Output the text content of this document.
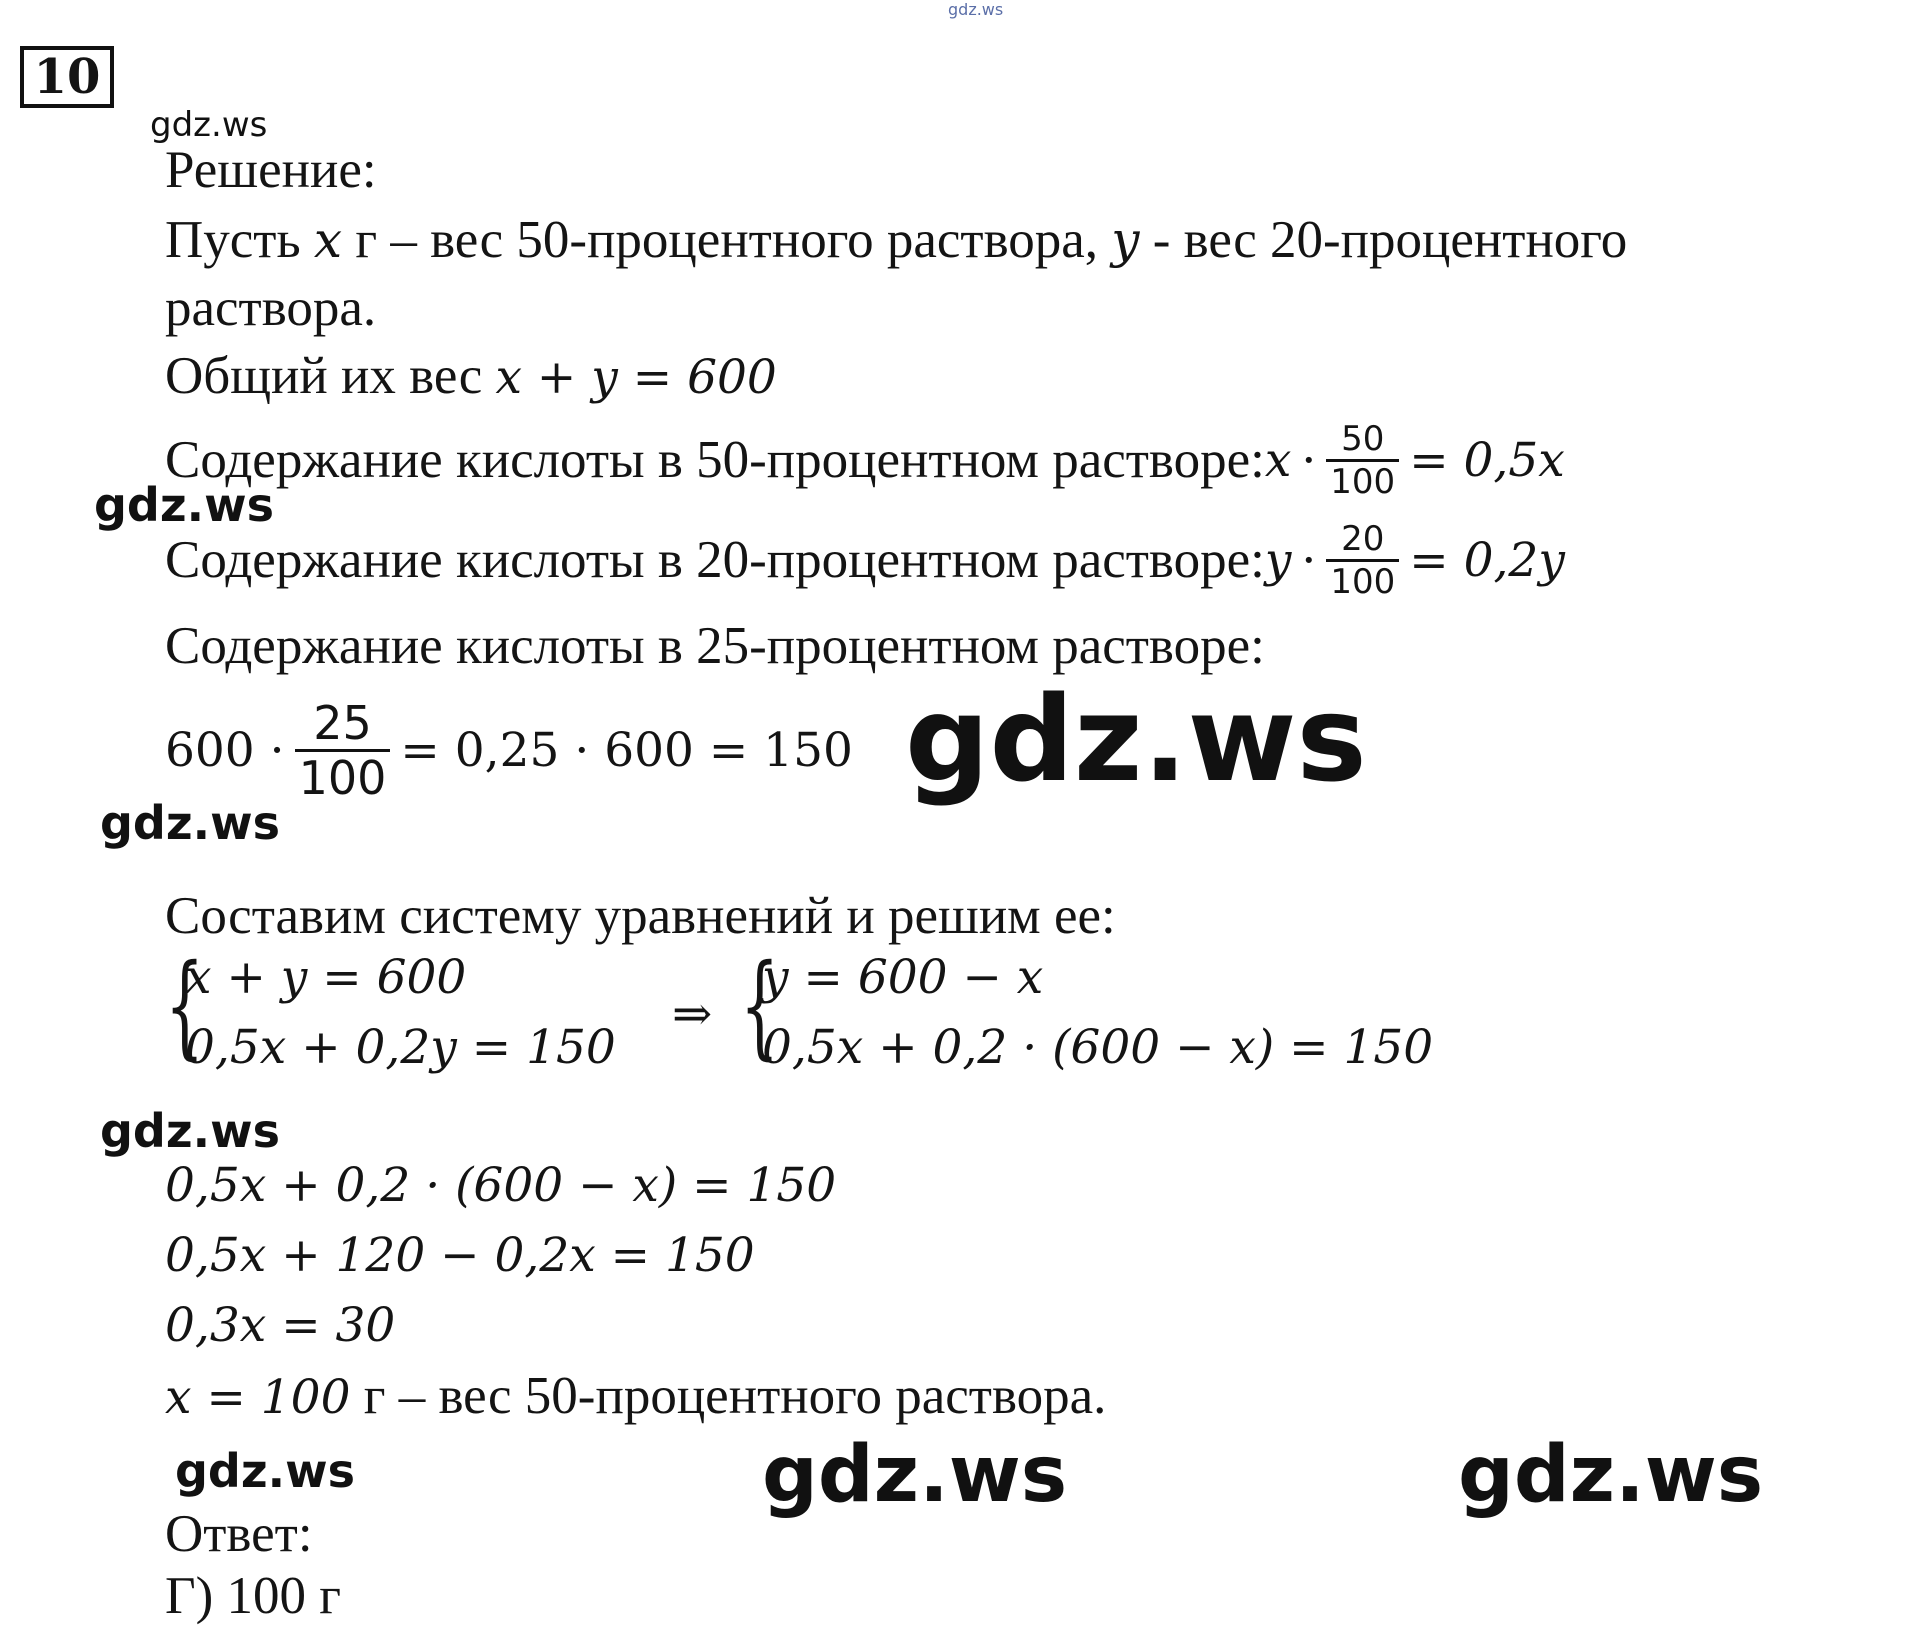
gdz.ws
10
gdz.ws
Решение:
Пусть x г – вес 50-процентного раствора, y - вес 20-процентного
раствора.
Общий их вес x + y = 600
Содержание кислоты в 50-процентном растворе: $x \cdot \frac{50}{100} = 0,5x$
gdz.ws
Содержание кислоты в 20-процентном растворе: $y \cdot \frac{20}{100} = 0,2y$
Содержание кислоты в 25-процентном растворе:
$600 \cdot \frac{25}{100} = 0,25 \cdot 600 = 150$ gdz.ws
gdz.ws
Составим систему уравнений и решим ее:
{
x + y = 600
0,5x + 0,2y = 150
⇒ {
y = 600 − x
0,5x + 0,2 · (600 − x) = 150
gdz.ws
0,5x + 0,2 · (600 − x) = 150
0,5x + 120 − 0,2x = 150
0,3x = 30
x = 100 г – вес 50-процентного раствора.
gdz.ws	gdz.ws	gdz.ws
Ответ:
Г) 100 г
